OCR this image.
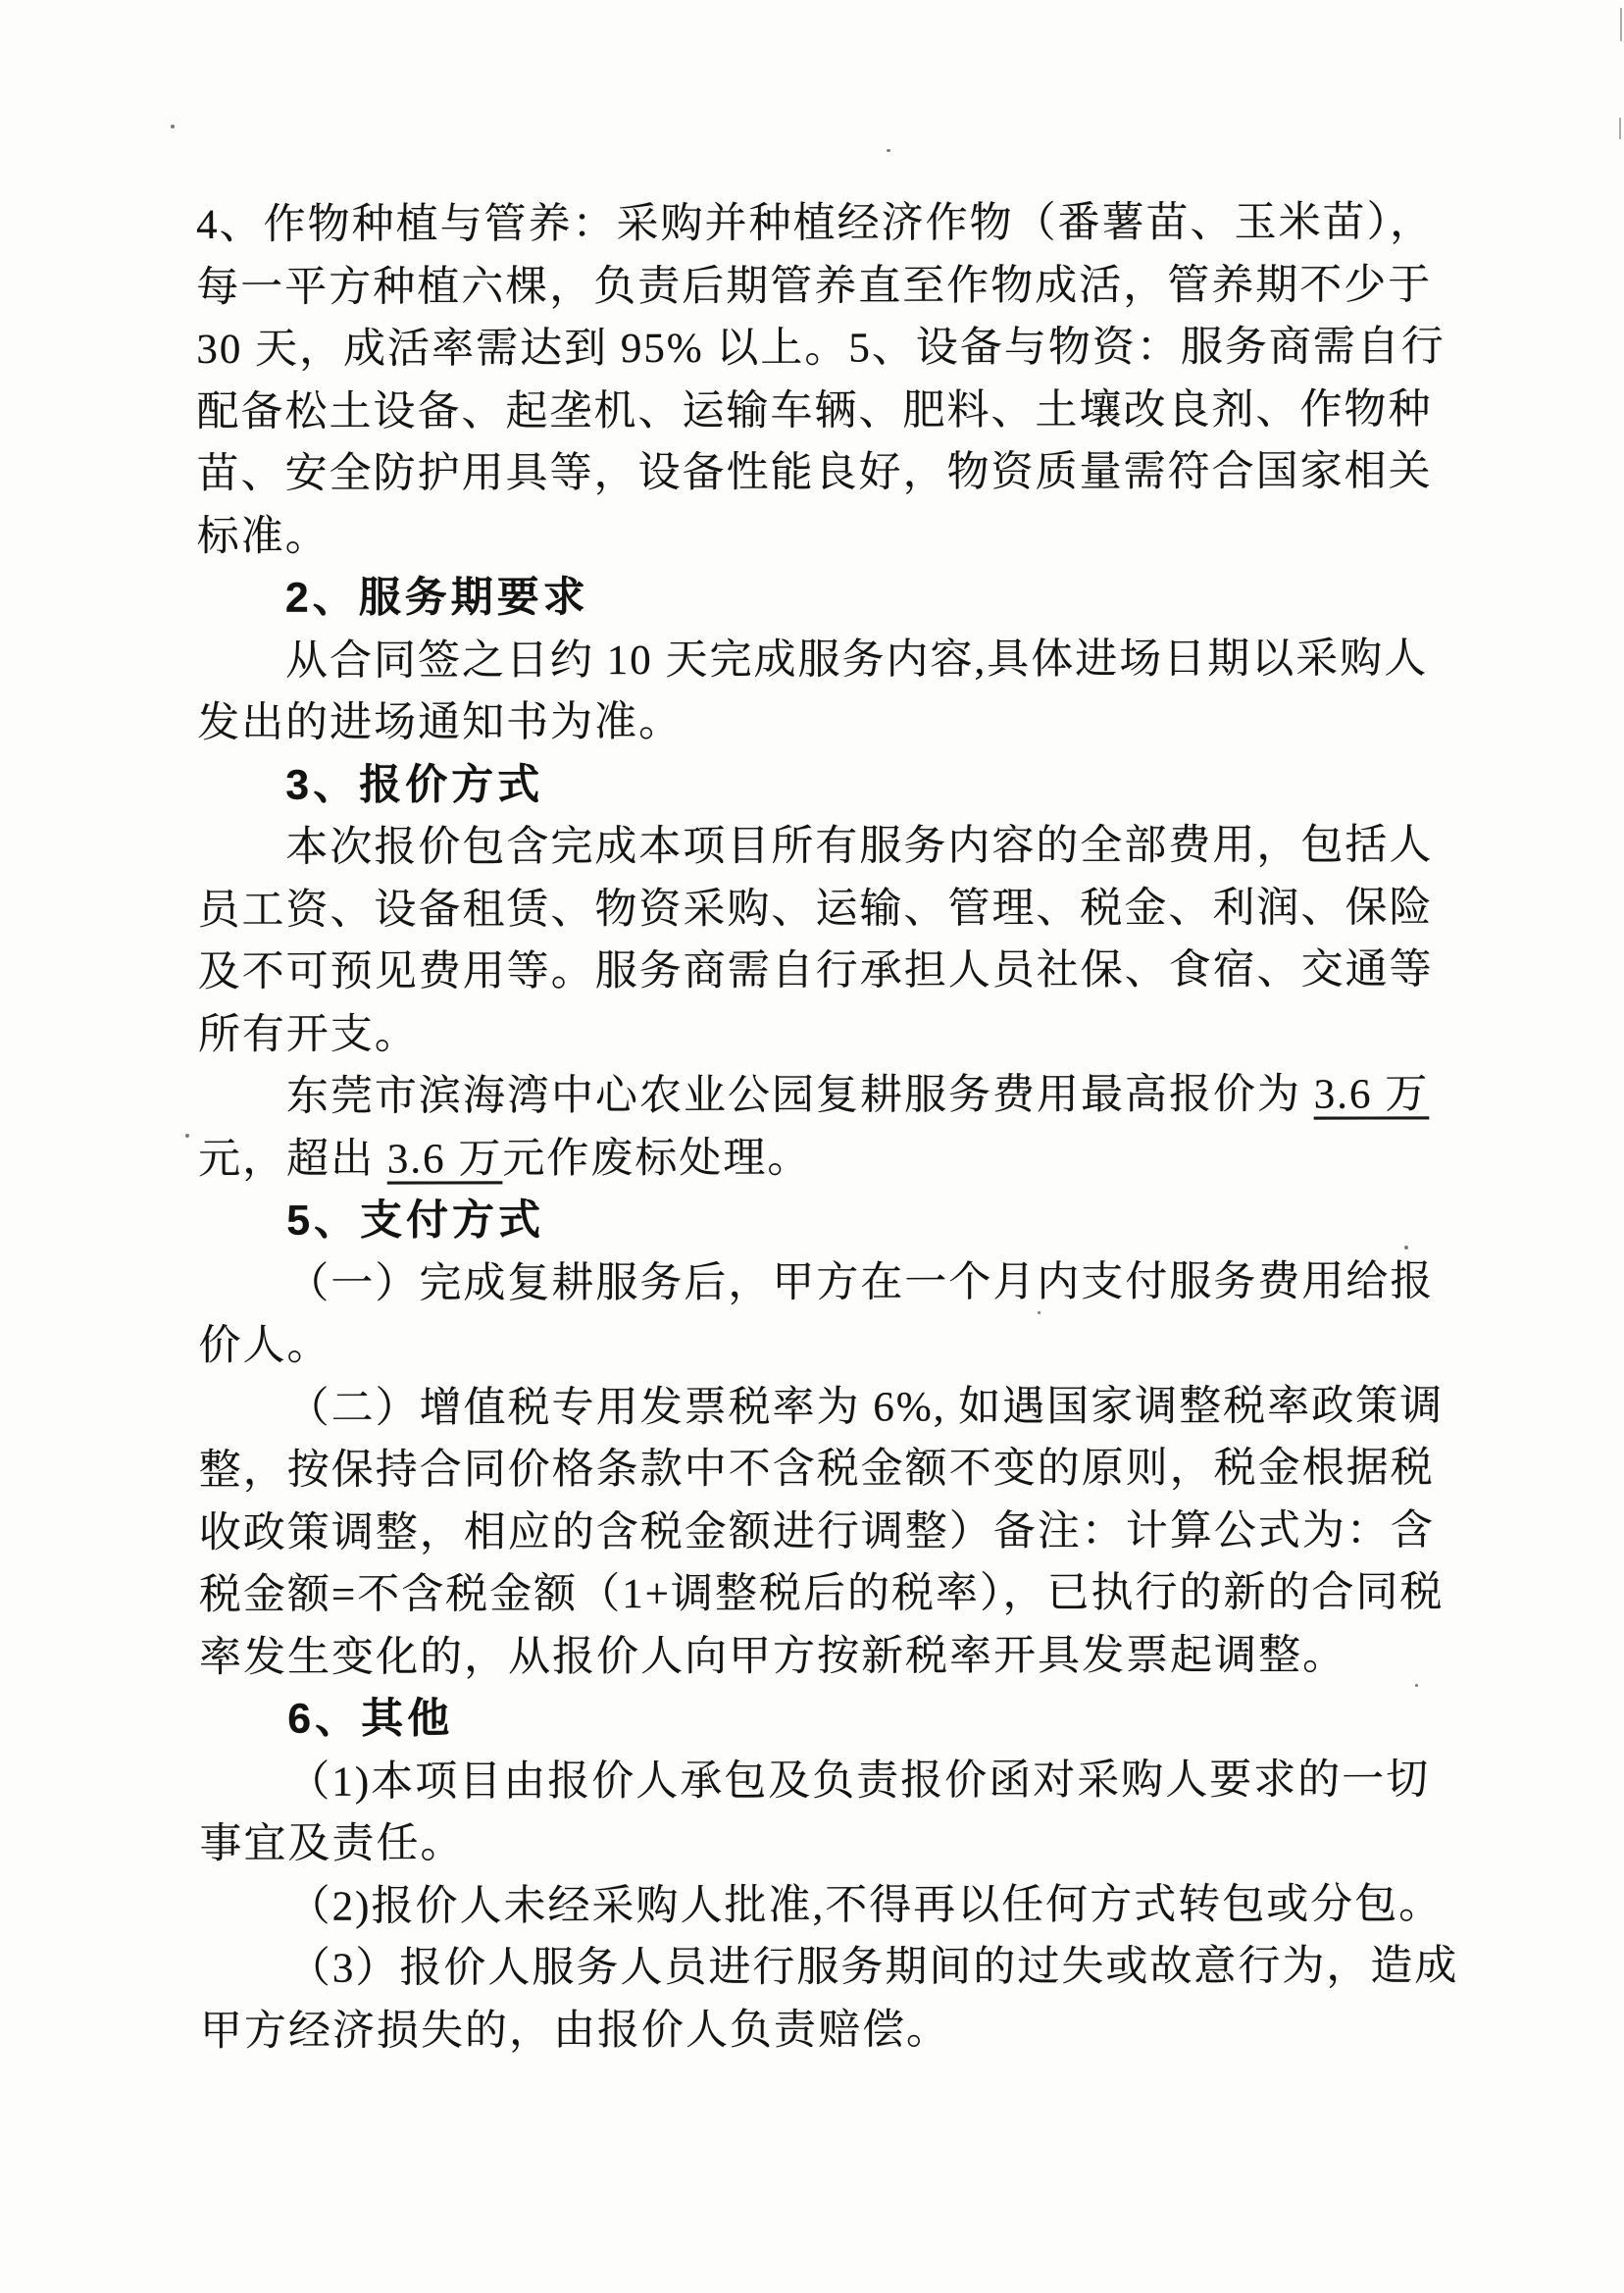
4、作物种植与管养：采购并种植经济作物（番薯苗、玉米苗），
每一平方种植六棵，负责后期管养直至作物成活，管养期不少于
30 天，成活率需达到 95% 以上。5、设备与物资：服务商需自行
配备松土设备、起垄机、运输车辆、肥料、土壤改良剂、作物种
苗、安全防护用具等，设备性能良好，物资质量需符合国家相关
标准。
2、服务期要求
从合同签之日约 10 天完成服务内容,具体进场日期以采购人
发出的进场通知书为准。
3、报价方式
本次报价包含完成本项目所有服务内容的全部费用，包括人
员工资、设备租赁、物资采购、运输、管理、税金、利润、保险
及不可预见费用等。服务商需自行承担人员社保、食宿、交通等
所有开支。
东莞市滨海湾中心农业公园复耕服务费用最高报价为 3.6 万
元，超出 3.6 万元作废标处理。
5、支付方式
（一）完成复耕服务后，甲方在一个月内支付服务费用给报
价人。
（二）增值税专用发票税率为 6%, 如遇国家调整税率政策调
整，按保持合同价格条款中不含税金额不变的原则，税金根据税
收政策调整，相应的含税金额进行调整）备注：计算公式为：含
税金额=不含税金额（1+调整税后的税率），已执行的新的合同税
率发生变化的，从报价人向甲方按新税率开具发票起调整。
6、其他
（1)本项目由报价人承包及负责报价函对采购人要求的一切
事宜及责任。
（2)报价人未经采购人批准,不得再以任何方式转包或分包。
（3）报价人服务人员进行服务期间的过失或故意行为，造成
甲方经济损失的，由报价人负责赔偿。
